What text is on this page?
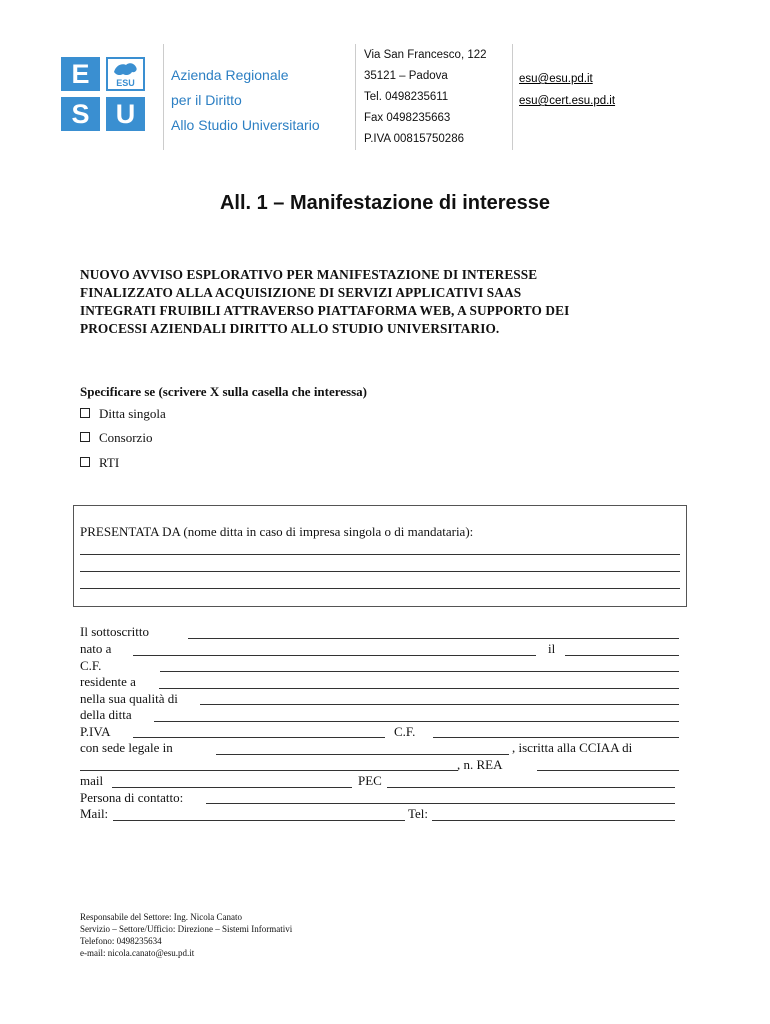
E	ESU
S U
Azienda Regionale
per il Diritto
Allo Studio Universitario
Via San Francesco, 122
35121 – Padova
Tel. 0498235611
Fax 0498235663
P.IVA 00815750286
esu@esu.pd.it
esu@cert.esu.pd.it
All. 1 – Manifestazione di interesse
NUOVO AVVISO ESPLORATIVO PER MANIFESTAZIONE DI INTERESSE
FINALIZZATO ALLA ACQUISIZIONE DI SERVIZI APPLICATIVI SAAS
INTEGRATI FRUIBILI ATTRAVERSO PIATTAFORMA WEB, A SUPPORTO DEI
PROCESSI AZIENDALI DIRITTO ALLO STUDIO UNIVERSITARIO.
Specificare se (scrivere X sulla casella che interessa)
Ditta singola
Consorzio
RTI
PRESENTATA DA (nome ditta in caso di impresa singola o di mandataria):
Il sottoscritto
nato a	il
C.F.
residente a
nella sua qualità di
della ditta
P.IVA	C.F.
con sede legale in	, iscritta alla CCIAA di
, n. REA
mail	PEC
Persona di contatto:
Mail:	Tel:
Responsabile del Settore: Ing. Nicola Canato
Servizio – Settore/Ufficio: Direzione – Sistemi Informativi
Telefono: 0498235634
e-mail: nicola.canato@esu.pd.it
